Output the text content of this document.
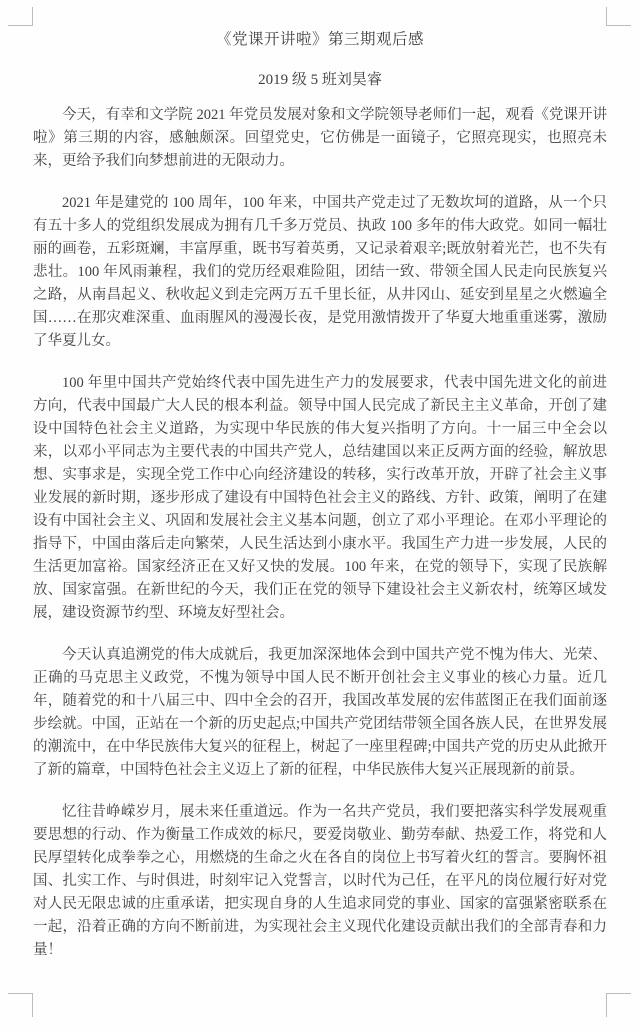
《党课开讲啦》第三期观后感
2019 级 5 班刘昊睿

今天，有幸和文学院 2021 年党员发展对象和文学院领导老师们一起，观看《党课开讲啦》第三期的内容，感触颇深。回望党史，它仿佛是一面镜子，它照亮现实，也照亮未来，更给予我们向梦想前进的无限动力。

2021 年是建党的 100 周年，100 年来，中国共产党走过了无数坎坷的道路，从一个只有五十多人的党组织发展成为拥有几千多万党员、执政 100 多年的伟大政党。如同一幅壮丽的画卷，五彩斑斓，丰富厚重，既书写着英勇，又记录着艰辛;既放射着光芒，也不失有悲壮。100 年风雨兼程，我们的党历经艰难险阻，团结一致、带领全国人民走向民族复兴之路，从南昌起义、秋收起义到走完两万五千里长征，从井冈山、延安到星星之火燃遍全国……在那灾难深重、血雨腥风的漫漫长夜，是党用激情拨开了华夏大地重重迷雾，激励了华夏儿女。

100 年里中国共产党始终代表中国先进生产力的发展要求，代表中国先进文化的前进方向，代表中国最广大人民的根本利益。领导中国人民完成了新民主主义革命，开创了建设中国特色社会主义道路，为实现中华民族的伟大复兴指明了方向。十一届三中全会以来，以邓小平同志为主要代表的中国共产党人，总结建国以来正反两方面的经验，解放思想、实事求是，实现全党工作中心向经济建设的转移，实行改革开放，开辟了社会主义事业发展的新时期，逐步形成了建设有中国特色社会主义的路线、方针、政策，阐明了在建设有中国社会主义、巩固和发展社会主义基本问题，创立了邓小平理论。在邓小平理论的指导下，中国由落后走向繁荣，人民生活达到小康水平。我国生产力进一步发展，人民的生活更加富裕。国家经济正在又好又快的发展。100 年来，在党的领导下，实现了民族解放、国家富强。在新世纪的今天，我们正在党的领导下建设社会主义新农村，统筹区域发展，建设资源节约型、环境友好型社会。

今天认真追溯党的伟大成就后，我更加深深地体会到中国共产党不愧为伟大、光荣、正确的马克思主义政党，不愧为领导中国人民不断开创社会主义事业的核心力量。近几年，随着党的和十八届三中、四中全会的召开，我国改革发展的宏伟蓝图正在我们面前逐步绘就。中国，正站在一个新的历史起点;中国共产党团结带领全国各族人民，在世界发展的潮流中，在中华民族伟大复兴的征程上，树起了一座里程碑;中国共产党的历史从此掀开了新的篇章，中国特色社会主义迈上了新的征程，中华民族伟大复兴正展现新的前景。

忆往昔峥嵘岁月，展未来任重道远。作为一名共产党员，我们要把落实科学发展观重要思想的行动、作为衡量工作成效的标尺，要爱岗敬业、勤劳奉献、热爱工作，将党和人民厚望转化成拳拳之心，用燃烧的生命之火在各自的岗位上书写着火红的誓言。要胸怀祖国、扎实工作、与时俱进，时刻牢记入党誓言，以时代为己任，在平凡的岗位履行好对党对人民无限忠诚的庄重承诺，把实现自身的人生追求同党的事业、国家的富强紧密联系在一起，沿着正确的方向不断前进，为实现社会主义现代化建设贡献出我们的全部青春和力量！
